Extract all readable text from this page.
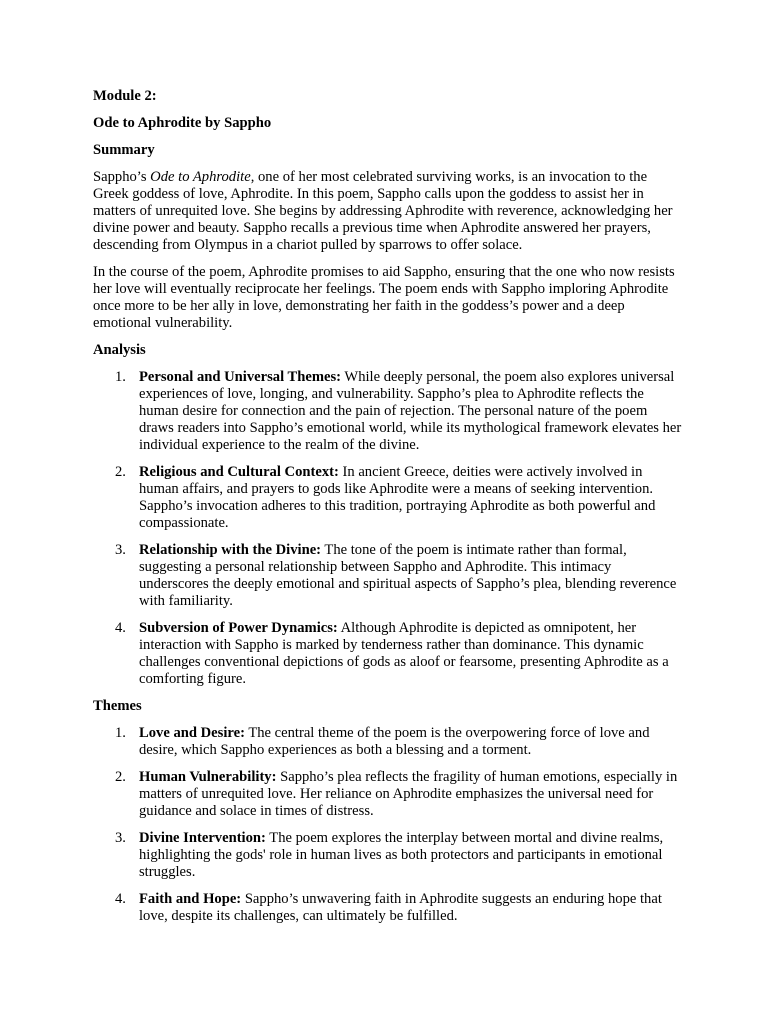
Module 2:

Ode to Aphrodite by Sappho

Summary

Sappho’s Ode to Aphrodite, one of her most celebrated surviving works, is an invocation to the Greek goddess of love, Aphrodite. In this poem, Sappho calls upon the goddess to assist her in matters of unrequited love. She begins by addressing Aphrodite with reverence, acknowledging her divine power and beauty. Sappho recalls a previous time when Aphrodite answered her prayers, descending from Olympus in a chariot pulled by sparrows to offer solace.

In the course of the poem, Aphrodite promises to aid Sappho, ensuring that the one who now resists her love will eventually reciprocate her feelings. The poem ends with Sappho imploring Aphrodite once more to be her ally in love, demonstrating her faith in the goddess’s power and a deep emotional vulnerability.

Analysis

1. Personal and Universal Themes: While deeply personal, the poem also explores universal experiences of love, longing, and vulnerability. Sappho’s plea to Aphrodite reflects the human desire for connection and the pain of rejection. The personal nature of the poem draws readers into Sappho’s emotional world, while its mythological framework elevates her individual experience to the realm of the divine.
2. Religious and Cultural Context: In ancient Greece, deities were actively involved in human affairs, and prayers to gods like Aphrodite were a means of seeking intervention. Sappho’s invocation adheres to this tradition, portraying Aphrodite as both powerful and compassionate.
3. Relationship with the Divine: The tone of the poem is intimate rather than formal, suggesting a personal relationship between Sappho and Aphrodite. This intimacy underscores the deeply emotional and spiritual aspects of Sappho’s plea, blending reverence with familiarity.
4. Subversion of Power Dynamics: Although Aphrodite is depicted as omnipotent, her interaction with Sappho is marked by tenderness rather than dominance. This dynamic challenges conventional depictions of gods as aloof or fearsome, presenting Aphrodite as a comforting figure.

Themes

1. Love and Desire: The central theme of the poem is the overpowering force of love and desire, which Sappho experiences as both a blessing and a torment.
2. Human Vulnerability: Sappho’s plea reflects the fragility of human emotions, especially in matters of unrequited love. Her reliance on Aphrodite emphasizes the universal need for guidance and solace in times of distress.
3. Divine Intervention: The poem explores the interplay between mortal and divine realms, highlighting the gods' role in human lives as both protectors and participants in emotional struggles.
4. Faith and Hope: Sappho’s unwavering faith in Aphrodite suggests an enduring hope that love, despite its challenges, can ultimately be fulfilled.
